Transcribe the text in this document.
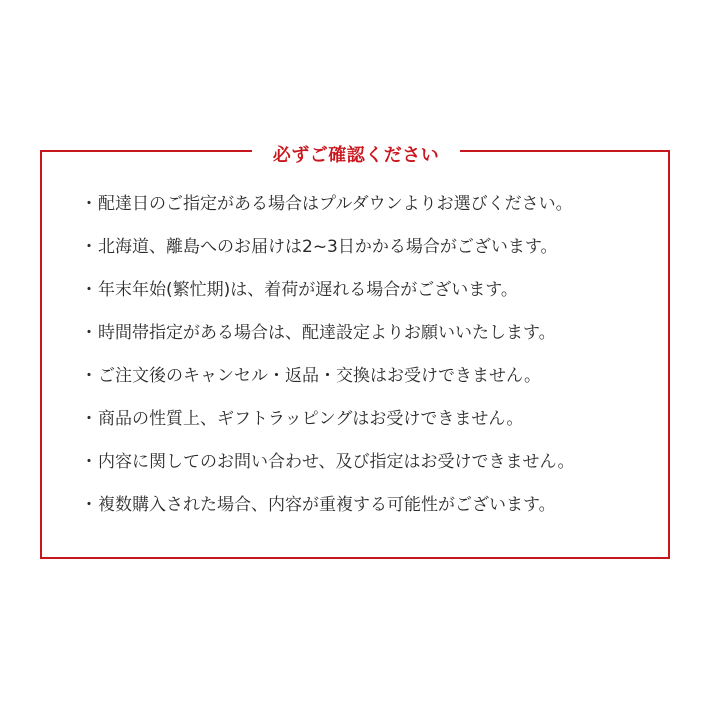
必ずご確認ください
・ 配達日のご指定がある場合はプルダウンよりお選びください。
・ 北海道、離島へのお届けは2~3日かかる場合がございます。
・ 年末年始(繁忙期)は、着荷が遅れる場合がございます。
・ 時間帯指定がある場合は、配達設定よりお願いいたします。
・ ご注文後のキャンセル・返品・交換はお受けできません。
・ 商品の性質上、ギフトラッピングはお受けできません。
・ 内容に関してのお問い合わせ、及び指定はお受けできません。
・ 複数購入された場合、内容が重複する可能性がございます。
